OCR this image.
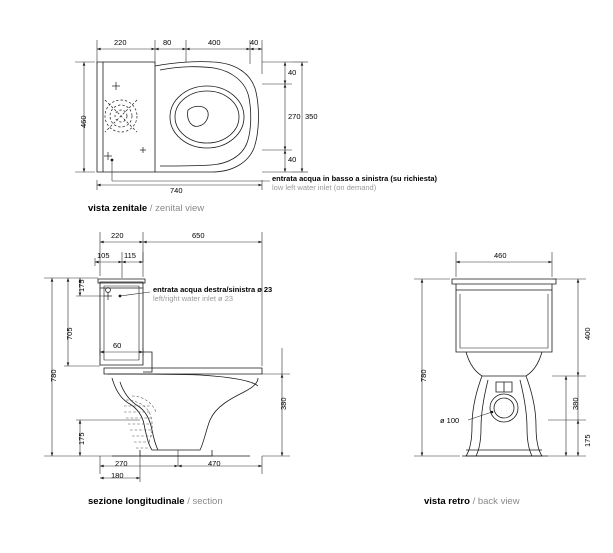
220	80	400	40
460
40
270 350
40
740
entrata acqua in basso a sinistra (su richiesta)
low left water inlet (on demand)
vista zenitale / zenital view
220	650
105 115
175
705
780
175
60
380
270	470
180
entrata acqua destra/sinistra ø 23
left/right water inlet ø 23
sezione longitudinale / section
460
780
400
380
175
ø 100
vista retro / back view
